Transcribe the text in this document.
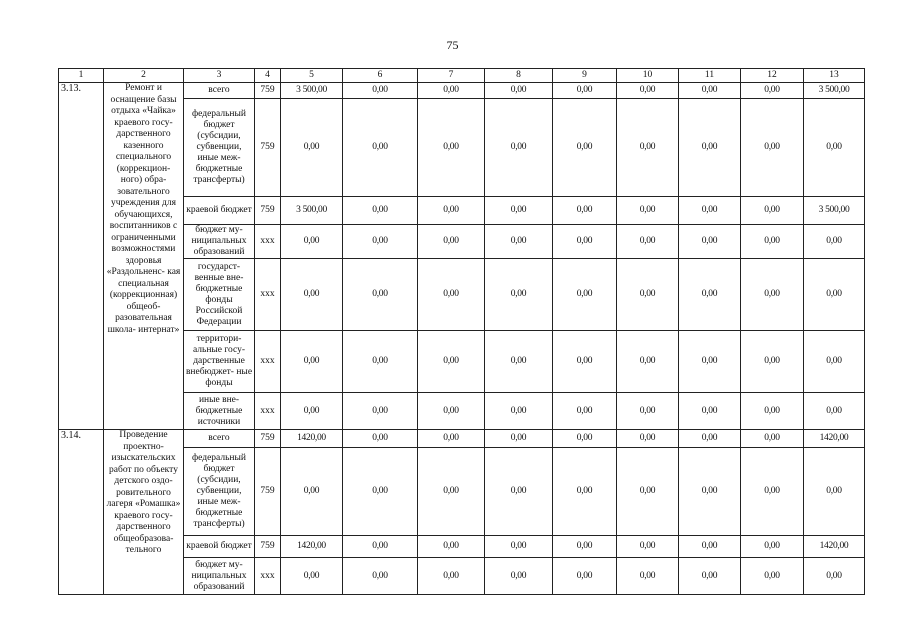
75
1	2	3	4	5	6	7	8	9	10	11	12	13
3.13.	Ремонт и оснащение базы отдыха «Чайка» краевого госу- дарственного казенного специального (коррекцион- ного) обра- зовательного учреждения для обучающихся, воспитанников с ограниченными возможностями здоровья «Раздольненс- кая специальная (коррекционная) общеоб- разовательная школа- интернат»	всего	759	3 500,00	0,00	0,00	0,00	0,00	0,00	0,00	0,00	3 500,00
		федеральный бюджет (субсидии, субвенции, иные меж- бюджетные трансферты)	759	0,00	0,00	0,00	0,00	0,00	0,00	0,00	0,00	0,00
		краевой бюджет	759	3 500,00	0,00	0,00	0,00	0,00	0,00	0,00	0,00	3 500,00
		бюджет му- ниципальных образований	xxx	0,00	0,00	0,00	0,00	0,00	0,00	0,00	0,00	0,00
		государст- венные вне- бюджетные фонды Российской Федерации	xxx	0,00	0,00	0,00	0,00	0,00	0,00	0,00	0,00	0,00
		территори- альные госу- дарственные внебюджет- ные фонды	xxx	0,00	0,00	0,00	0,00	0,00	0,00	0,00	0,00	0,00
		иные вне- бюджетные источники	xxx	0,00	0,00	0,00	0,00	0,00	0,00	0,00	0,00	0,00
3.14.	Проведение проектно- изыскательских работ по объекту детского оздо- ровительного лагеря «Ромашка» краевого госу- дарственного общеобразова- тельного	всего	759	1420,00	0,00	0,00	0,00	0,00	0,00	0,00	0,00	1420,00
		федеральный бюджет (субсидии, субвенции, иные меж- бюджетные трансферты)	759	0,00	0,00	0,00	0,00	0,00	0,00	0,00	0,00	0,00
		краевой бюджет	759	1420,00	0,00	0,00	0,00	0,00	0,00	0,00	0,00	1420,00
		бюджет му- ниципальных образований	xxx	0,00	0,00	0,00	0,00	0,00	0,00	0,00	0,00	0,00
